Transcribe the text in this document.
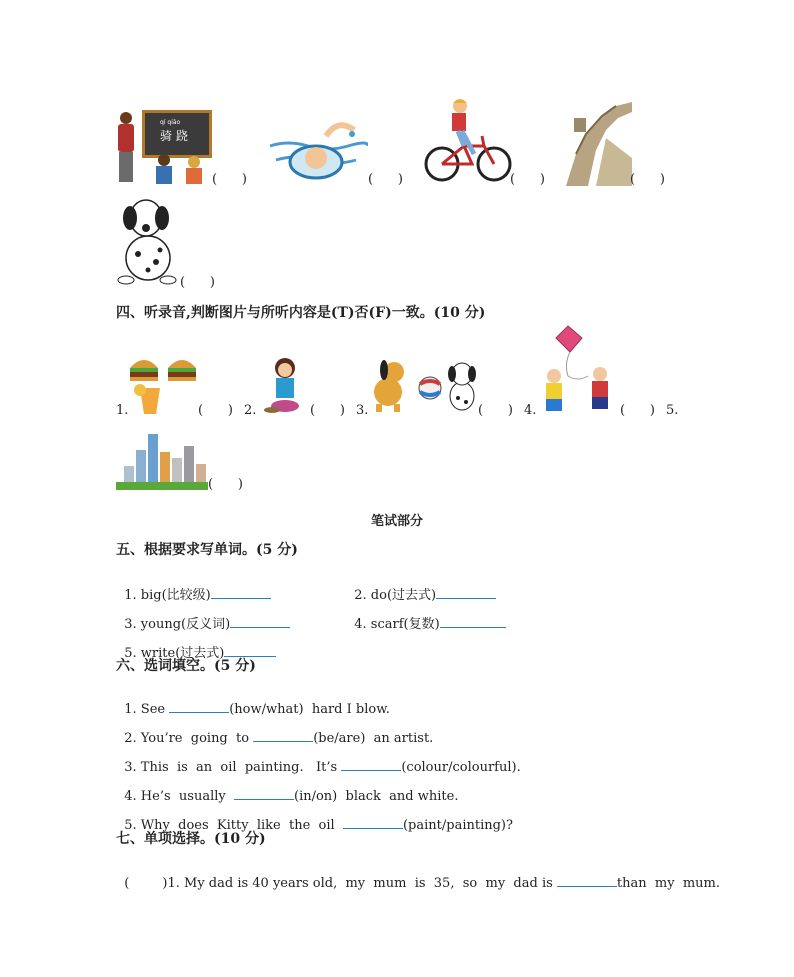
qí qiāo
骑 跷
(      )	(      )	(      )	(      )
(      )
四、听录音,判断图片与所听内容是(T)否(F)一致。(10 分)
1.	(      ) 2.	(      ) 3.	(      ) 4.	(      ) 5.
(      )
笔试部分
五、根据要求写单词。(5 分)

1. big(比较级)	2. do(过去式)

3. young(反义词)	4. scarf(复数)

5. write(过去式)

六、选词填空。(5 分)

1. See	(how/what)  hard I blow.

2. You’re  going  to	(be/are)  an artist.

3. This  is  an  oil  painting.   It’s	(colour/colourful).

4. He’s  usually	(in/on)  black  and white.

5. Why  does  Kitty  like  the  oil	(paint/painting)?

七、单项选择。(10 分)

(        )1. My dad is 40 years old,  my  mum  is  35,  so  my  dad is	than  my  mum.
